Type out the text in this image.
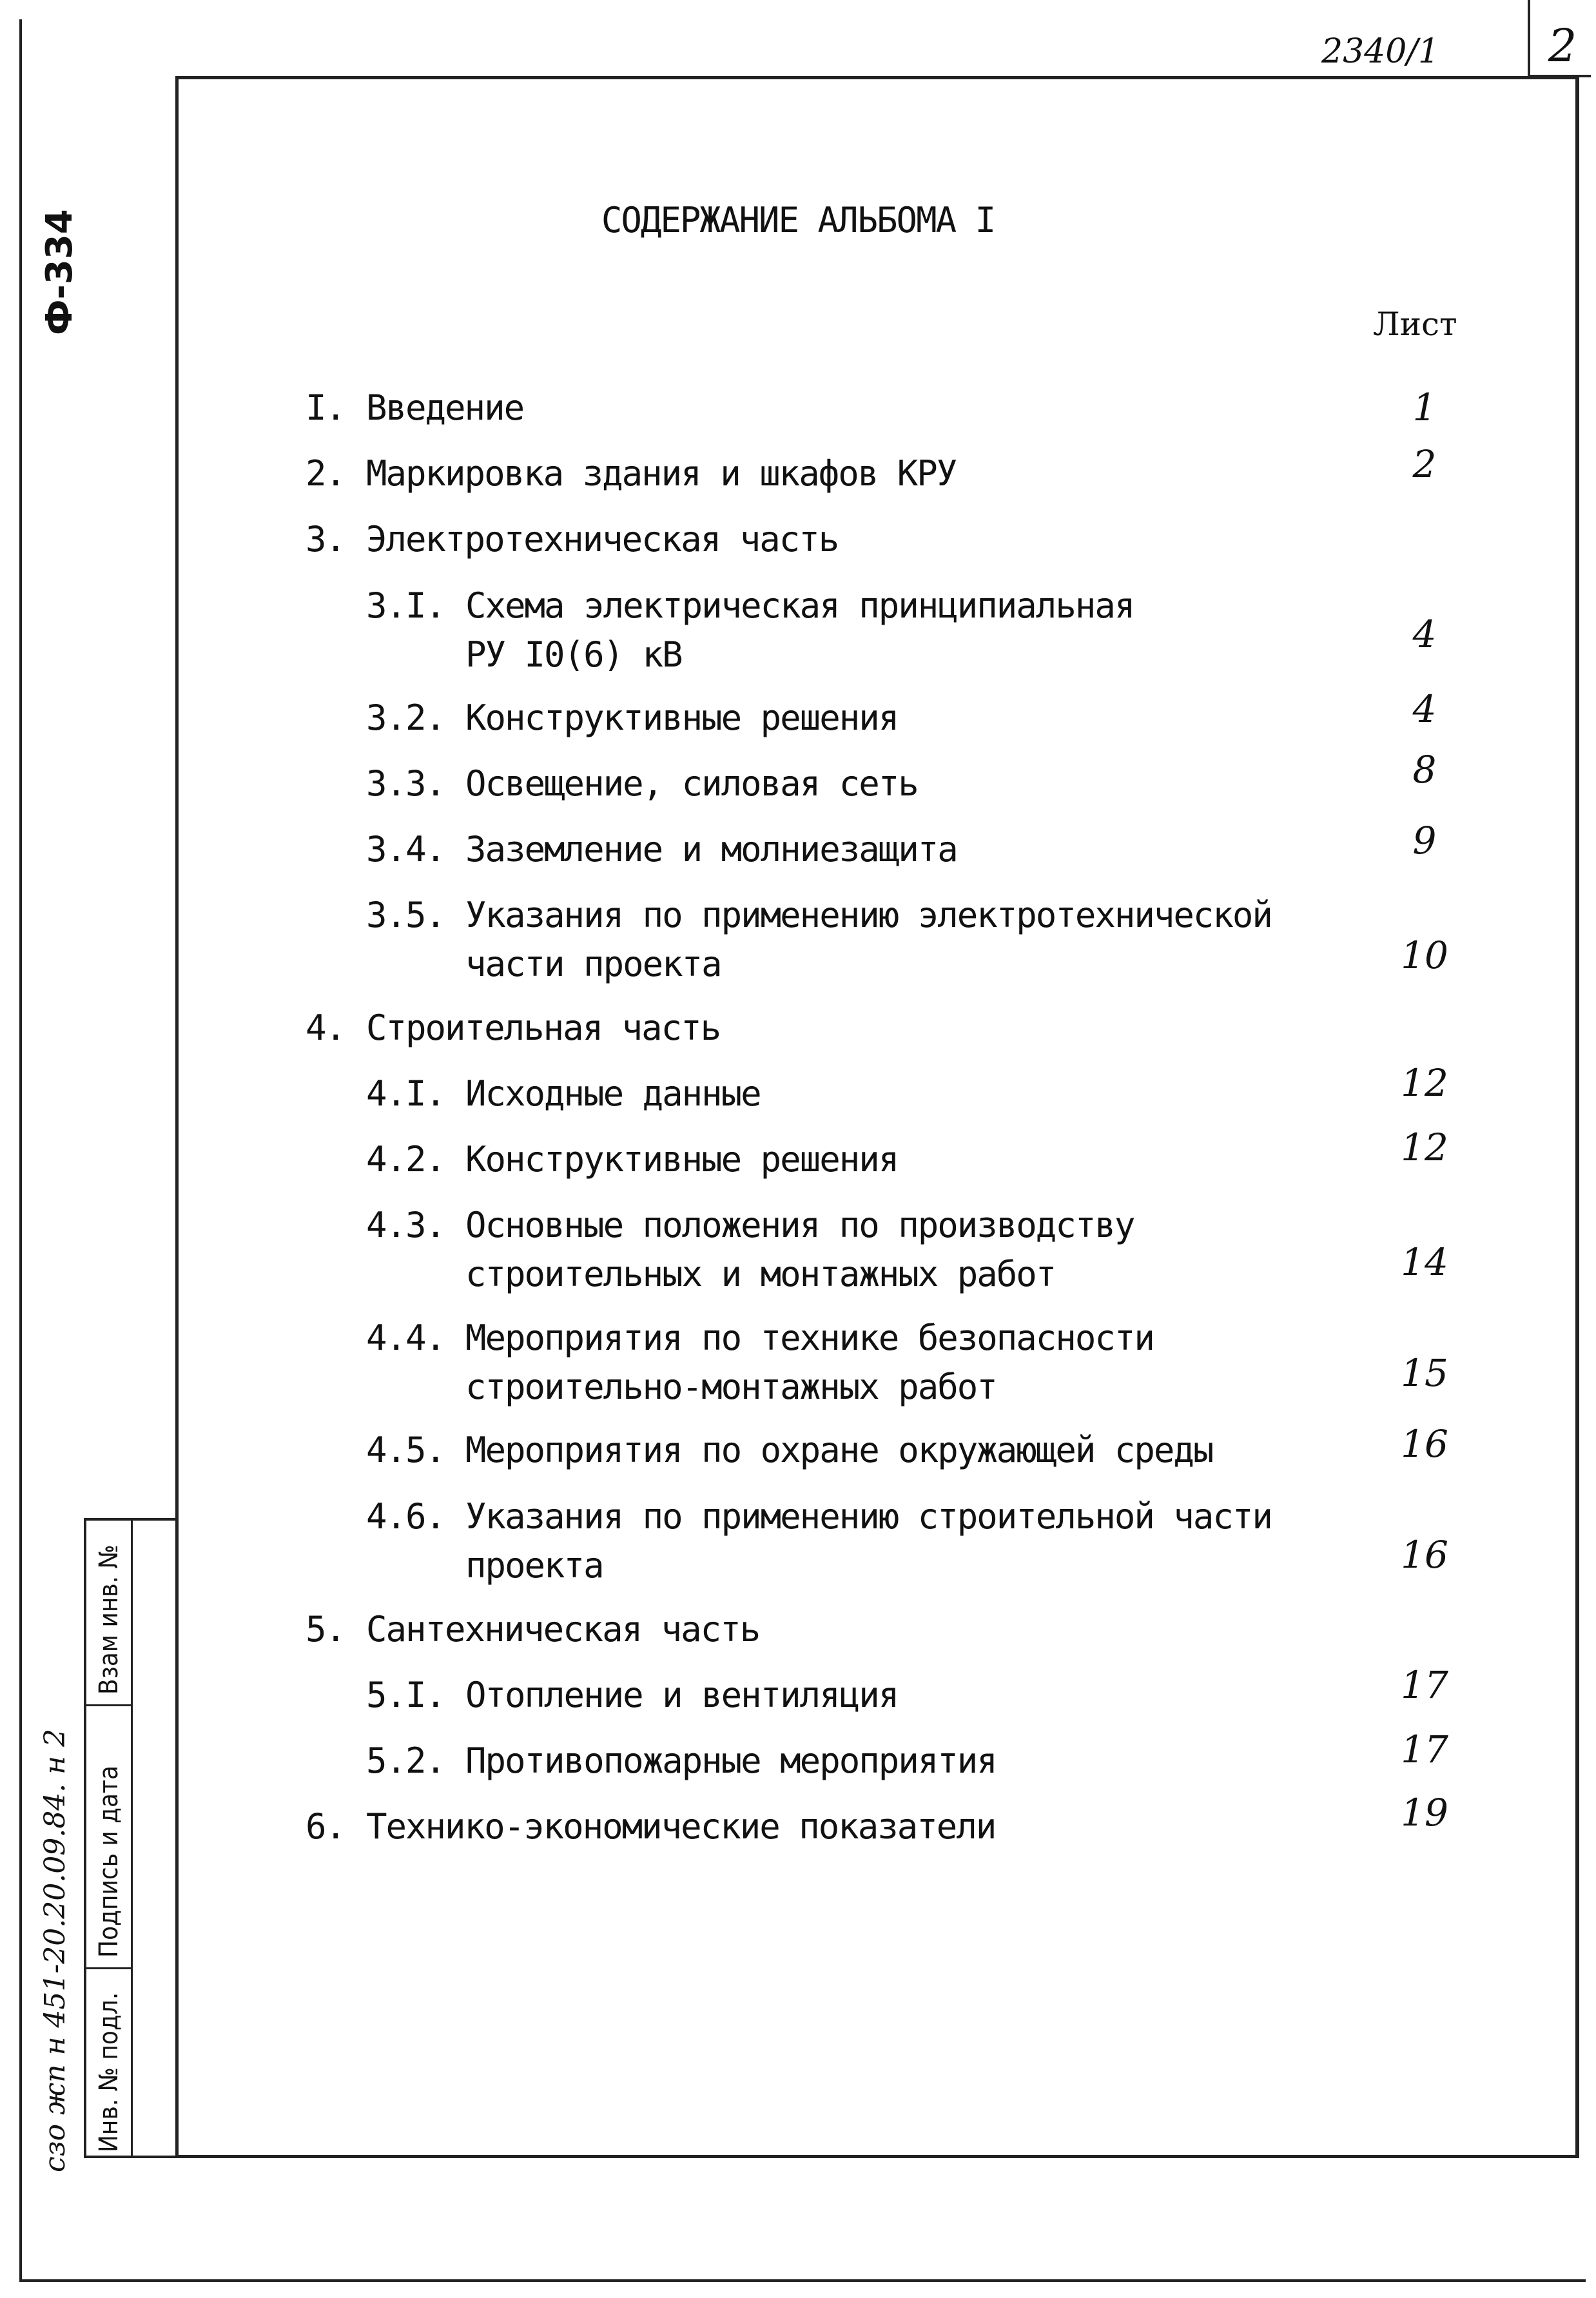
2
2340/1
Ф-334
Взам инв. №
Подпись и дата
Инв. № подл.
сзо жп н 451-20.20.09.84. н 2
СОДЕРЖАНИЕ АЛЬБОМА I
Лист
I. Введение	1
2. Маркировка здания и шкафов КРУ	2
3. Электротехническая часть
3.I. Схема электрическая принципиальная
РУ I0(6) кВ	4
3.2. Конструктивные решения	4
3.3. Освещение, силовая сеть	8
3.4. Заземление и молниезащита	9
3.5. Указания по применению электротехнической
части проекта	10
4. Строительная часть
4.I. Исходные данные	12
4.2. Конструктивные решения	12
4.3. Основные положения по производству
строительных и монтажных работ	14
4.4. Мероприятия по технике безопасности
строительно-монтажных работ	15
4.5. Мероприятия по охране окружающей среды	16
4.6. Указания по применению строительной части
проекта	16
5. Сантехническая часть
5.I. Отопление и вентиляция	17
5.2. Противопожарные мероприятия	17
6. Технико-экономические показатели	19
